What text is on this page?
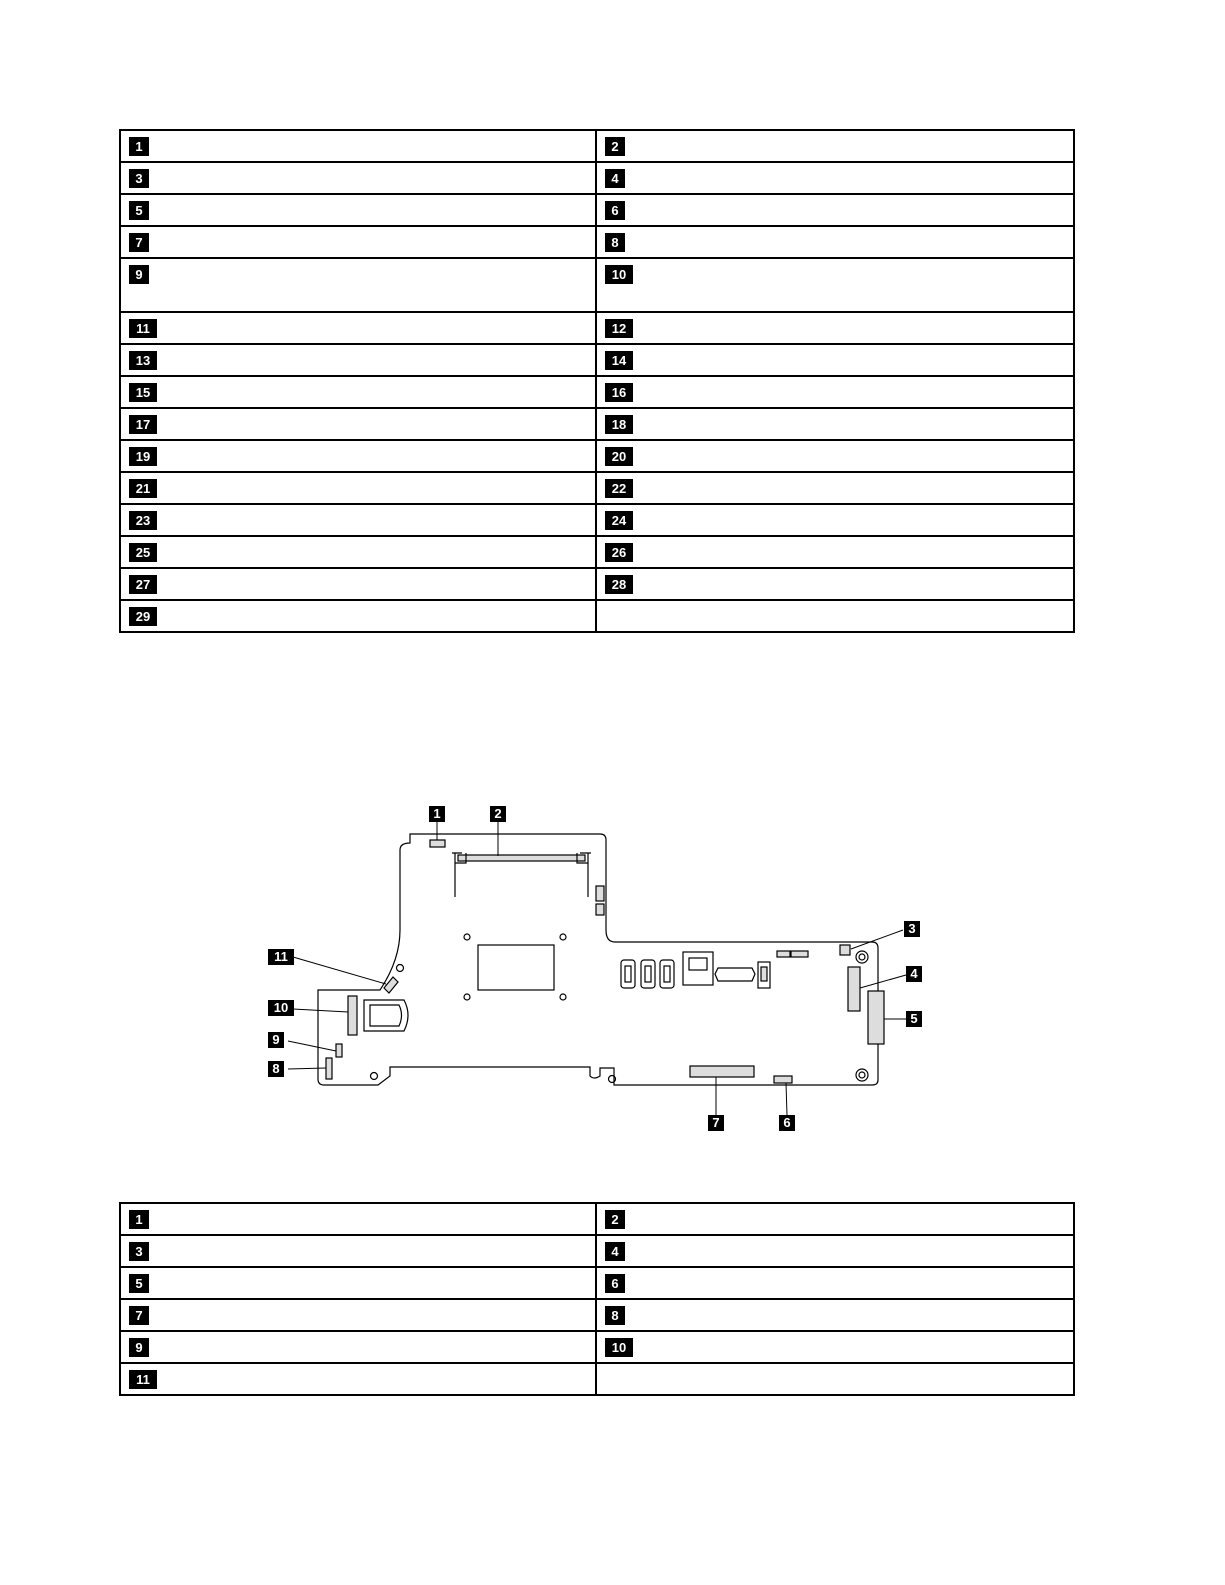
1	2

3	4

5	6

7	8

9	10

11	12

13	14

15	16

17	18

19	20

21	22

23	24

25	26

27	28

29	

1	2
3
4
5
6
7
8
9
10
11
1	2

3	4

5	6

7	8

9	10

11	
